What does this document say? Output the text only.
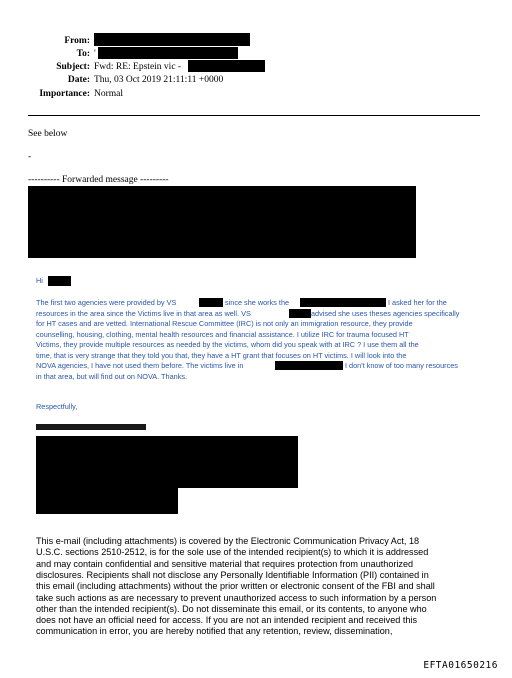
From:
To: '
Subject: Fwd: RE: Epstein vic -
Date: Thu, 03 Oct 2019 21:11:11 +0000
Importance: Normal
See below
-
---------- Forwarded message ---------
Hi
The first two agencies were provided by VS	since she works the	I asked her for the
resources in the area since the Victims live in that area as well. VS	advised she uses theses agencies specifically
for HT cases and are vetted. International Rescue Committee (IRC) is not only an immigration resource, they provide
counselling, housing, clothing, mental health resources and financial assistance. I utilize IRC for trauma focused HT
Victims, they provide multiple resources as needed by the victims, whom did you speak with at IRC ? I use them all the
time, that is very strange that they told you that, they have a HT grant that focuses on HT victims. I will look into the
NOVA agencies, I have not used them before. The victims live in	I don't know of too many resources
in that area, but will find out on NOVA. Thanks.
Respectfully,
This e-mail (including attachments) is covered by the Electronic Communication Privacy Act, 18
U.S.C. sections 2510-2512, is for the sole use of the intended recipient(s) to which it is addressed
and may contain confidential and sensitive material that requires protection from unauthorized
disclosures. Recipients shall not disclose any Personally Identifiable Information (PII) contained in
this email (including attachments) without the prior written or electronic consent of the FBI and shall
take such actions as are necessary to prevent unauthorized access to such information by a person
other than the intended recipient(s). Do not disseminate this email, or its contents, to anyone who
does not have an official need for access. If you are not an intended recipient and received this
communication in error, you are hereby notified that any retention, review, dissemination,
EFTA01650216
